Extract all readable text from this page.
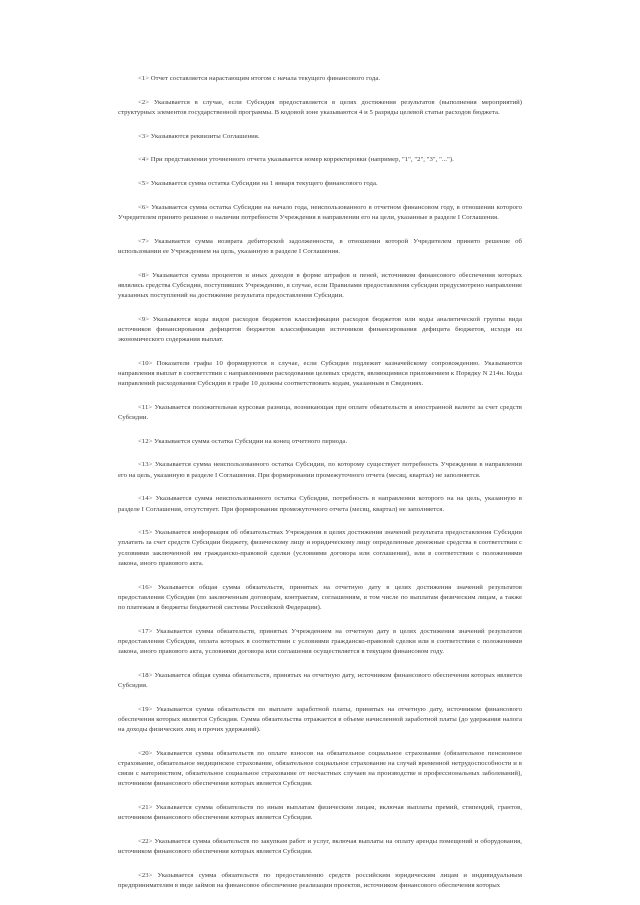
<1> Отчет составляется нарастающим итогом с начала текущего финансового года.

<2> Указывается в случае, если Субсидия предоставляется в целях достижения результатов (выполнения мероприятий) структурных элементов государственной программы. В кодовой зоне указываются 4 и 5 разряды целевой статьи расходов бюджета.

<3> Указываются реквизиты Соглашения.

<4> При представлении уточненного отчета указывается номер корректировки (например, "1", "2", "3", "...").

<5> Указывается сумма остатка Субсидии на 1 января текущего финансового года.

<6> Указывается сумма остатка Субсидии на начало года, неиспользованного в отчетном финансовом году, в отношении которого Учредителем принято решение о наличии потребности Учреждения в направлении его на цели, указанные в разделе I Соглашения.

<7> Указывается сумма возврата дебиторской задолженности, в отношении которой Учредителем принято решение об использовании ее Учреждением на цель, указанную в разделе I Соглашения.

<8> Указывается сумма процентов и иных доходов в форме штрафов и пеней, источником финансового обеспечения которых являлись средства Субсидии, поступивших Учреждению, в случае, если Правилами предоставления субсидии предусмотрено направление указанных поступлений на достижение результата предоставления Субсидии.

<9> Указываются коды видов расходов бюджетов классификации расходов бюджетов или коды аналитической группы вида источников финансирования дефицитов бюджетов классификации источников финансирования дефицита бюджетов, исходя из экономического содержания выплат.

<10> Показатели графы 10 формируются в случае, если Субсидия подлежит казначейскому сопровождению. Указываются направления выплат в соответствии с направлениями расходования целевых средств, являющимися приложением к Порядку N 214н. Коды направлений расходования Субсидии в графе 10 должны соответствовать кодам, указанным в Сведениях.

<11> Указывается положительная курсовая разница, возникающая при оплате обязательств в иностранной валюте за счет средств Субсидии.

<12> Указывается сумма остатка Субсидии на конец отчетного периода.

<13> Указывается сумма неиспользованного остатка Субсидии, по которому существует потребность Учреждения в направлении его на цель, указанную в разделе I Соглашения. При формировании промежуточного отчета (месяц, квартал) не заполняется.

<14> Указывается сумма неиспользованного остатка Субсидии, потребность в направлении которого на на цель, указанную в разделе I Соглашения, отсутствует. При формировании промежуточного отчета (месяц, квартал) не заполняется.

<15> Указывается информация об обязательствах Учреждения в целях достижения значений результата предоставления Субсидии уплатить за счет средств Субсидии бюджету, физическому лицу и юридическому лицу определенные денежные средства в соответствии с условиями заключенной им гражданско-правовой сделки (условиями договора или соглашения), или в соответствии с положениями закона, иного правового акта.

<16> Указывается общая сумма обязательств, принятых на отчетную дату в целях достижения значений результатов предоставления Субсидии (по заключенным договорам, контрактам, соглашениям, в том числе по выплатам физическим лицам, а также по платежам в бюджеты бюджетной системы Российской Федерации).

<17> Указывается сумма обязательств, принятых Учреждением на отчетную дату в целях достижения значений результатов предоставления Субсидии, оплата которых в соответствии с условиями гражданско-правовой сделки или в соответствии с положениями закона, иного правового акта, условиями договора или соглашения осуществляется в текущем финансовом году.

<18> Указывается общая сумма обязательств, принятых на отчетную дату, источником финансового обеспечения которых является Субсидия.

<19> Указывается сумма обязательств по выплате заработной платы, принятых на отчетную дату, источником финансового обеспечения которых является Субсидия. Сумма обязательства отражается в объеме начисленной заработной платы (до удержания налога на доходы физических лиц и прочих удержаний).

<20> Указывается сумма обязательств по оплате взносов на обязательное социальное страхование (обязательное пенсионное страхование, обязательное медицинское страхование, обязательное социальное страхование на случай временной нетрудоспособности и в связи с материнством, обязательное социальное страхование от несчастных случаев на производстве и профессиональных заболеваний), источником финансового обеспечения которых является Субсидия.

<21> Указывается сумма обязательств по иным выплатам физическим лицам, включая выплаты премий, стипендий, грантов, источником финансового обеспечения которых является Субсидия.

<22> Указывается сумма обязательств по закупкам работ и услуг, включая выплаты на оплату аренды помещений и оборудования, источником финансового обеспечения которых является Субсидия.

<23> Указывается сумма обязательств по предоставлению средств российским юридическим лицам и индивидуальным предпринимателям в виде займов на финансовое обеспечение реализации проектов, источником финансового обеспечения которых
